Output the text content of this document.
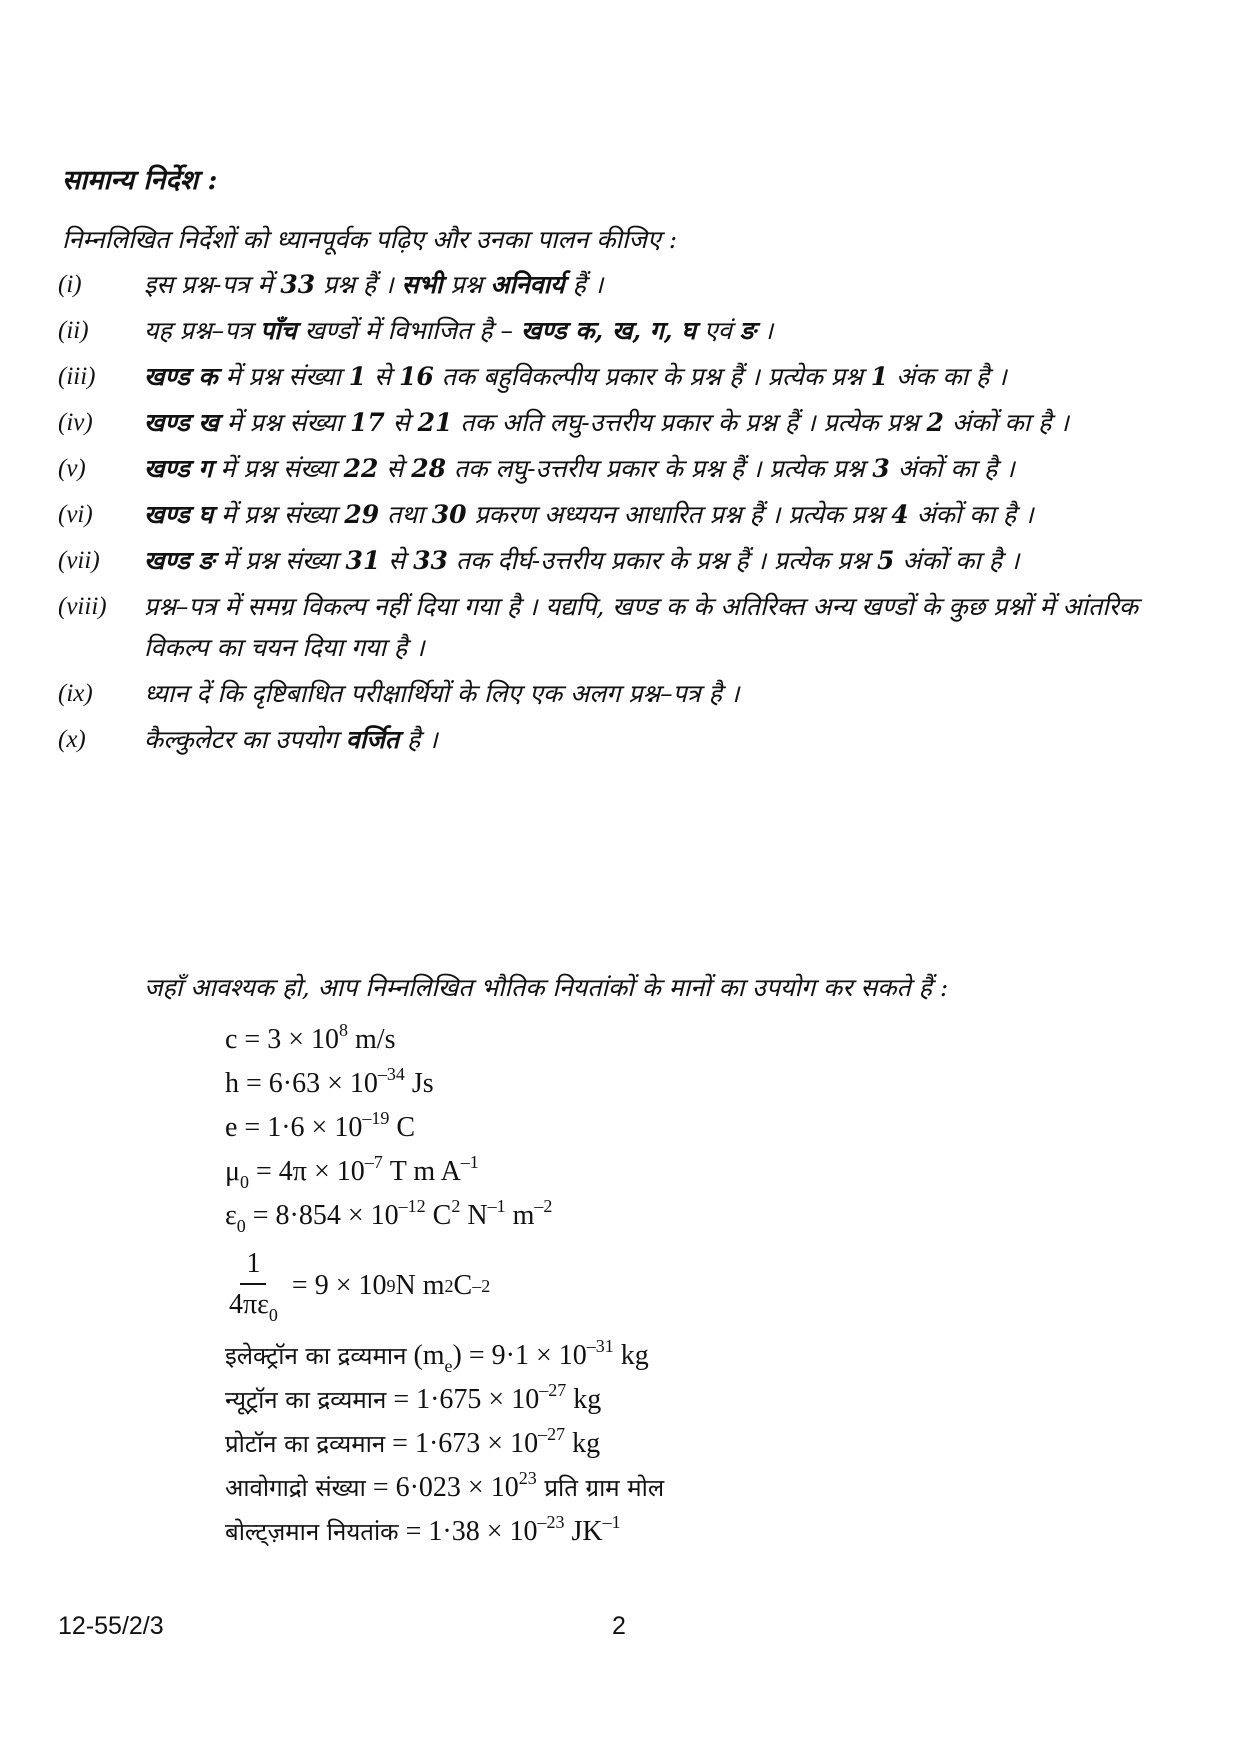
सामान्य निर्देश :
निम्नलिखित निर्देशों को ध्यानपूर्वक पढ़िए और उनका पालन कीजिए :
(i) इस प्रश्न-पत्र में 33 प्रश्न हैं । सभी प्रश्न अनिवार्य हैं ।
(ii) यह प्रश्न–पत्र पाँच खण्डों में विभाजित है – खण्ड क, ख, ग, घ एवं ङ ।
(iii) खण्ड क में प्रश्न संख्या 1 से 16 तक बहुविकल्पीय प्रकार के प्रश्न हैं । प्रत्येक प्रश्न 1 अंक का है ।
(iv) खण्ड ख में प्रश्न संख्या 17 से 21 तक अति लघु-उत्तरीय प्रकार के प्रश्न हैं । प्रत्येक प्रश्न 2 अंकों का है ।
(v) खण्ड ग में प्रश्न संख्या 22 से 28 तक लघु-उत्तरीय प्रकार के प्रश्न हैं । प्रत्येक प्रश्न 3 अंकों का है ।
(vi) खण्ड घ में प्रश्न संख्या 29 तथा 30 प्रकरण अध्ययन आधारित प्रश्न हैं । प्रत्येक प्रश्न 4 अंकों का है ।
(vii) खण्ड ङ में प्रश्न संख्या 31 से 33 तक दीर्घ-उत्तरीय प्रकार के प्रश्न हैं । प्रत्येक प्रश्न 5 अंकों का है ।
(viii) प्रश्न–पत्र में समग्र विकल्प नहीं दिया गया है । यद्यपि, खण्ड क के अतिरिक्त अन्य खण्डों के कुछ प्रश्नों में आंतरिक विकल्प का चयन दिया गया है ।
(ix) ध्यान दें कि दृष्टिबाधित परीक्षार्थियों के लिए एक अलग प्रश्न–पत्र है ।
(x) कैल्कुलेटर का उपयोग वर्जित है ।
जहाँ आवश्यक हो, आप निम्नलिखित भौतिक नियतांकों के मानों का उपयोग कर सकते हैं :
$c = 3 \times 10^8$ m/s
$h = 6\cdot 63 \times 10^{-34}$ Js
$e = 1\cdot 6 \times 10^{-19}$ C
$\mu_0 = 4\pi \times 10^{-7}$ T m $A^{-1}$
$\varepsilon_0 = 8\cdot 854 \times 10^{-12}$ $C^2$ $N^{-1}$ $m^{-2}$
$\frac{1}{4\pi\varepsilon_0} = 9 \times 10$ 9 N m 2 C –2
इलेक्ट्रॉन का द्रव्यमान $(m_e) = 9\cdot 1 \times 10^{-31}$ kg
न्यूट्रॉन का द्रव्यमान = $1\cdot 675 \times 10^{-27}$ kg
प्रोटॉन का द्रव्यमान = $1\cdot 673 \times 10^{-27}$ kg
आवोगाद्रो संख्या = $6\cdot 023 \times 10^{23}$ प्रति ग्राम मोल
बोल्ट्ज़मान नियतांक = $1\cdot 38 \times 10^{-23}$ $JK^{-1}$
12-55/2/3	2
